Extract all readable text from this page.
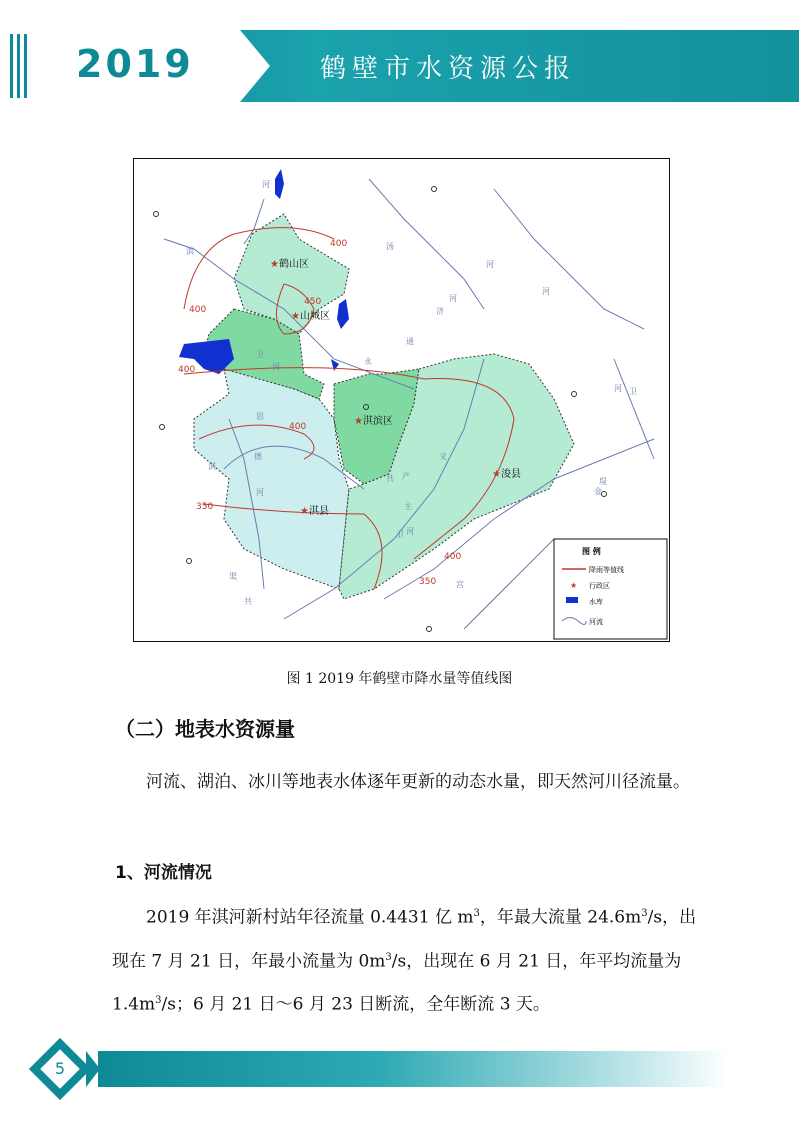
2019	鹤壁市水资源公报
400
400
450
400
400
350
400
350
河
淇
卫
河
思
德
河
淇
汤
河
永
通
济
河
义
共 产
主
卫 河
金
堤
河
卫
河
宫
共
渠
★ 鹤山区
★ 山城区
★ 淇滨区
★ 浚县
★ 淇县
图 例
降雨等值线
★ 行政区
水库
河流
图 1 2019 年鹤壁市降水量等值线图
（二）地表水资源量
河流、湖泊、冰川等地表水体逐年更新的动态水量，即天然河川径流量。
1、河流情况
2019 年淇河新村站年径流量 0.4431 亿 $m^3$，年最大流量 $24.6m^3/s$，出现在 7 月 21 日，年最小流量为 $0m^3/s$，出现在 6 月 21 日，年平均流量为 $1.4m^3/s$；6 月 21 日～6 月 23 日断流，全年断流 3 天。
5
